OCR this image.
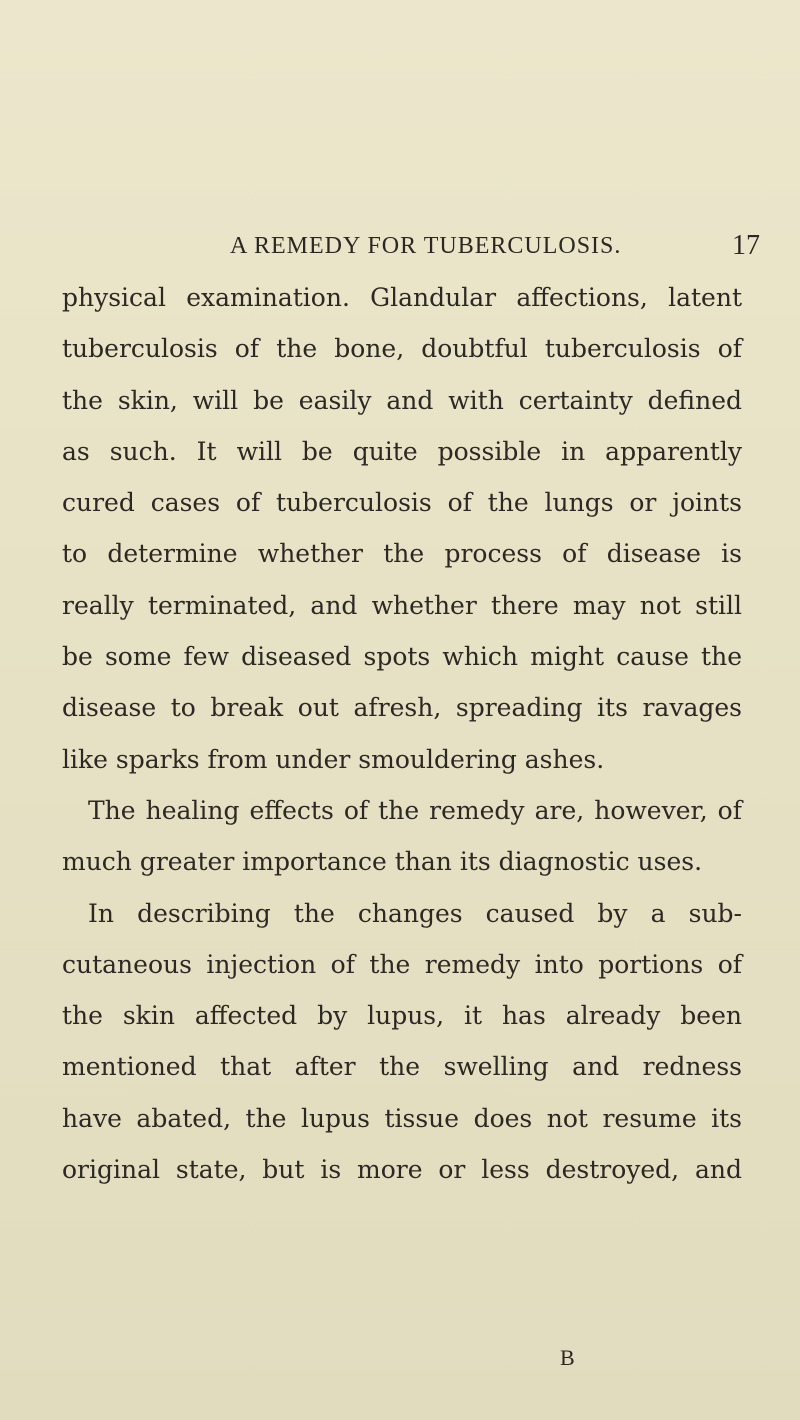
A REMEDY FOR TUBERCULOSIS.	17
physical examination. Glandular affections, latent
tuberculosis of the bone, doubtful tuberculosis of
the skin, will be easily and with certainty defined
as such. It will be quite possible in apparently
cured cases of tuberculosis of the lungs or joints
to determine whether the process of disease is
really terminated, and whether there may not still
be some few diseased spots which might cause the
disease to break out afresh, spreading its ravages
like sparks from under smouldering ashes.
The healing effects of the remedy are, however, of
much greater importance than its diagnostic uses.
In describing the changes caused by a sub-
cutaneous injection of the remedy into portions of
the skin affected by lupus, it has already been
mentioned that after the swelling and redness
have abated, the lupus tissue does not resume its
original state, but is more or less destroyed, and
B
